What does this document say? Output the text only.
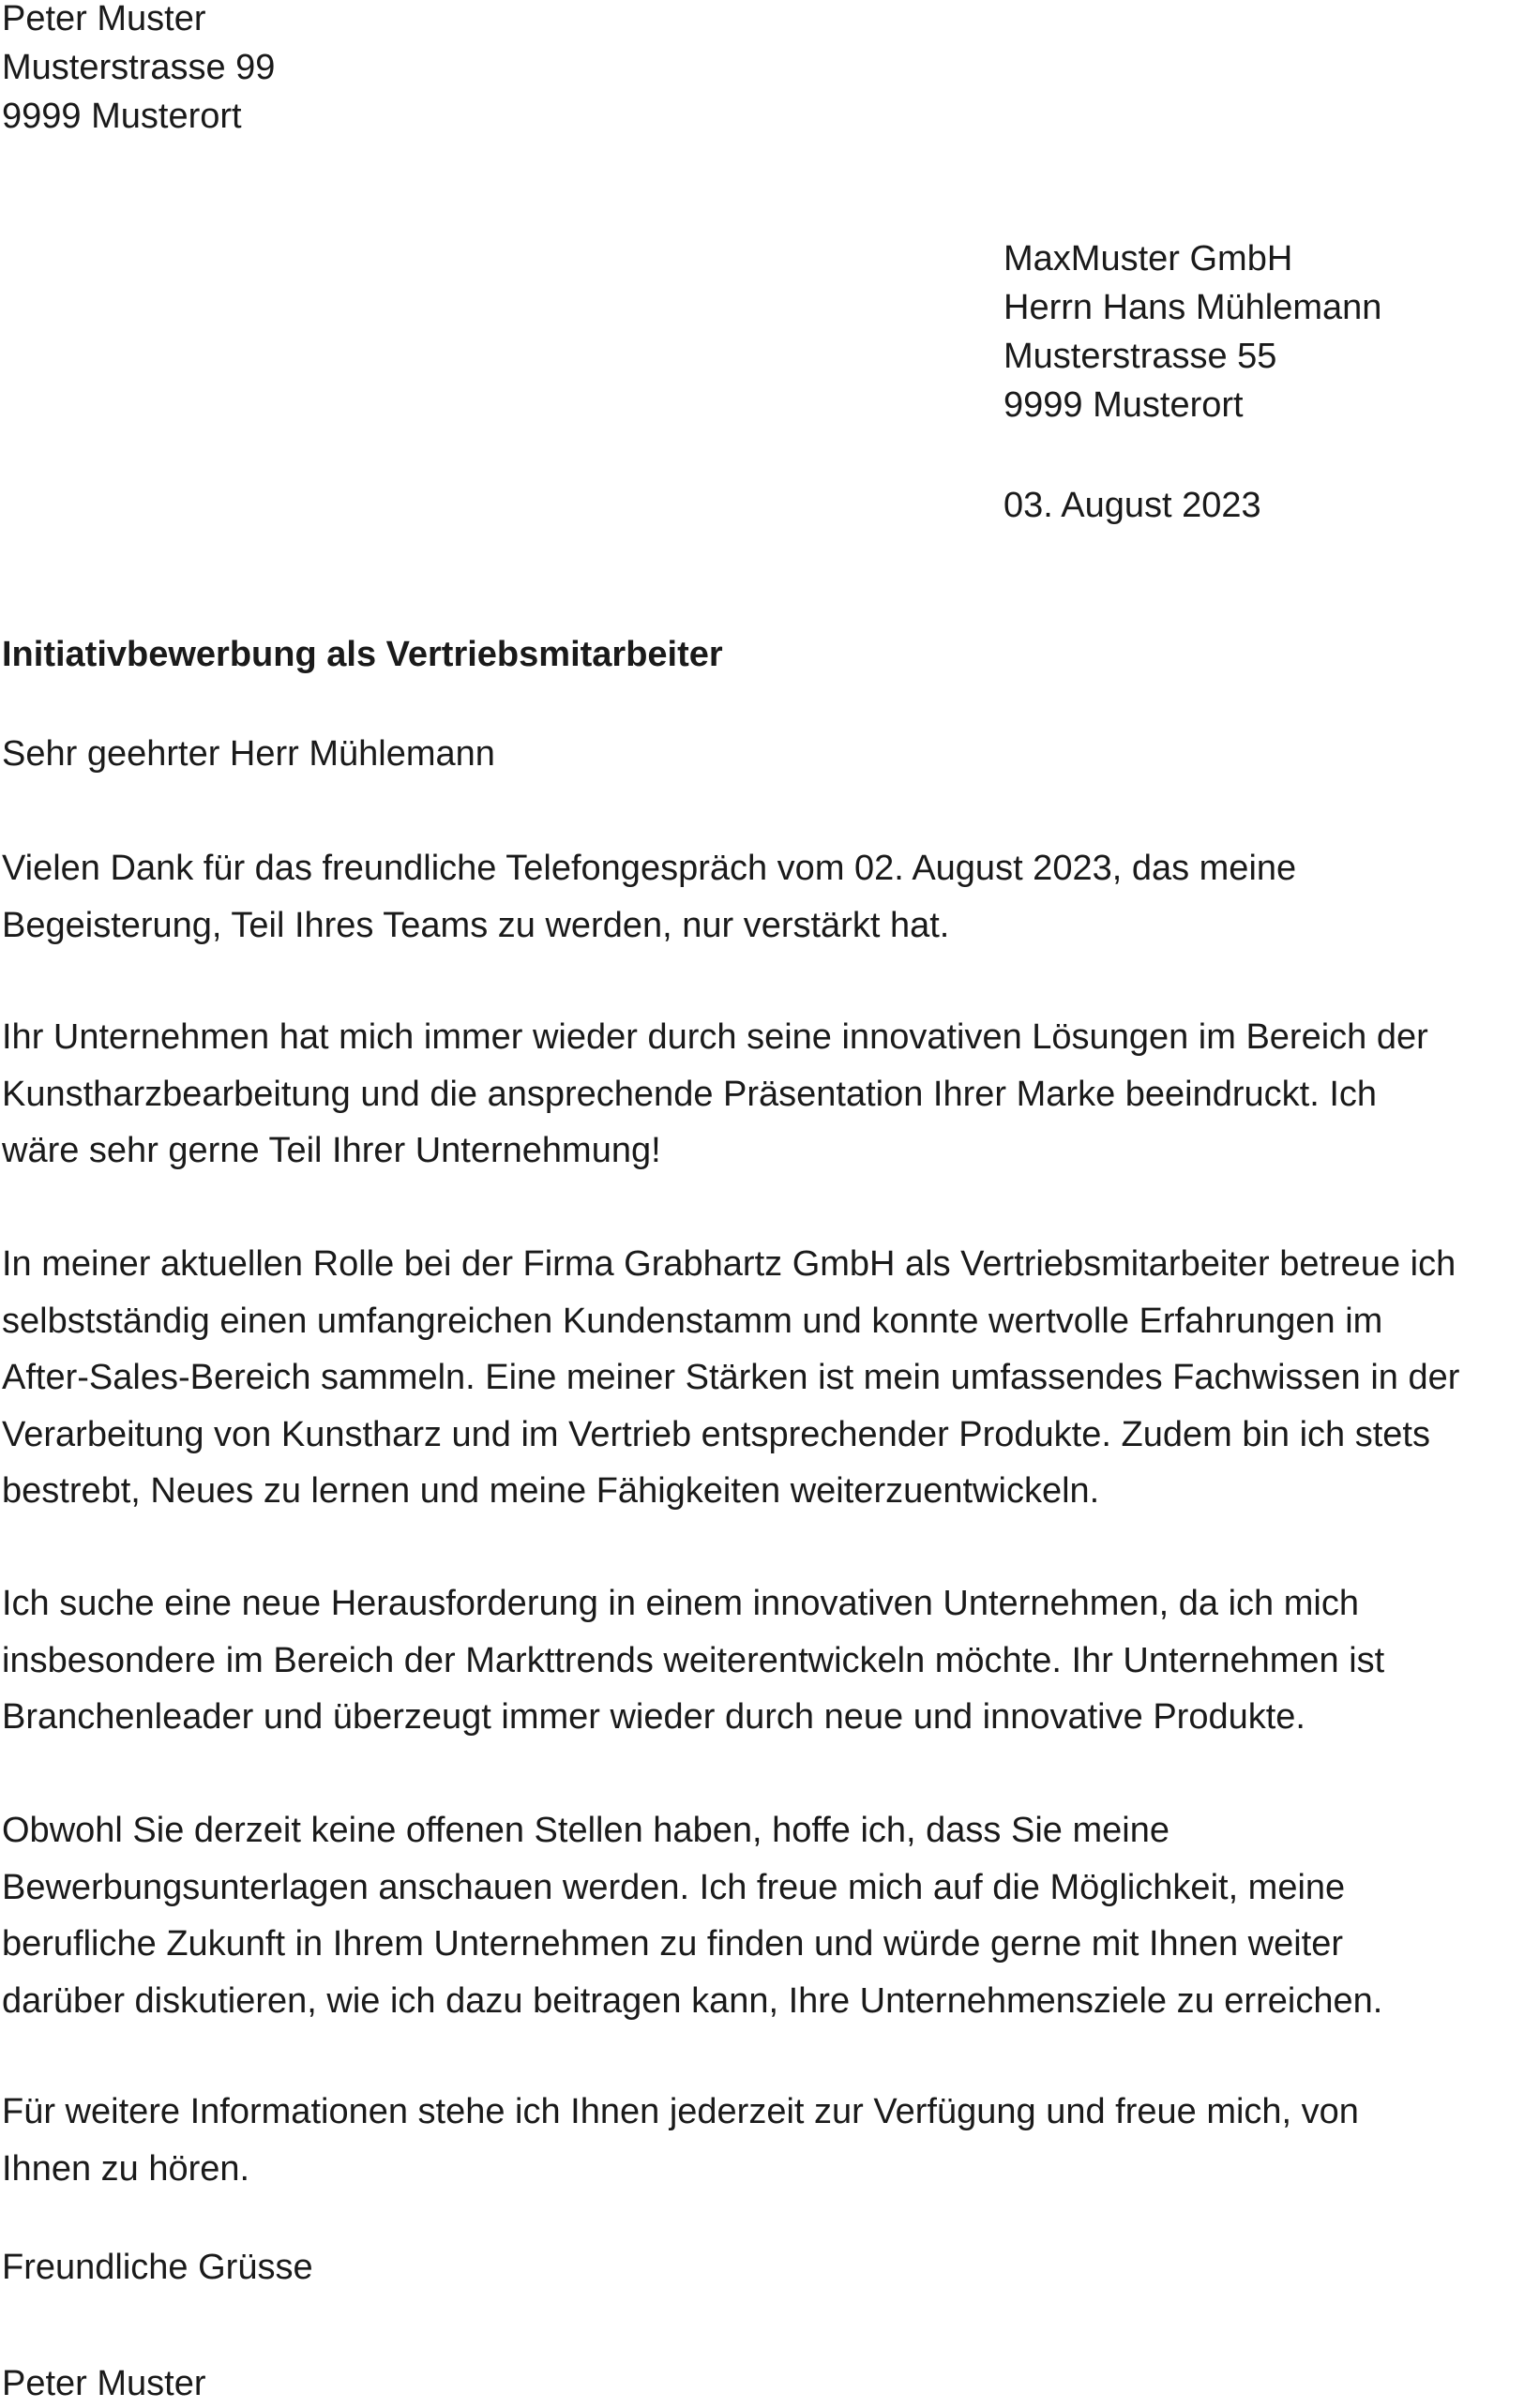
Peter Muster
Musterstrasse 99
9999 Musterort
MaxMuster GmbH
Herrn Hans Mühlemann
Musterstrasse 55
9999 Musterort
03. August 2023
Initiativbewerbung als Vertriebsmitarbeiter
Sehr geehrter Herr Mühlemann
Vielen Dank für das freundliche Telefongespräch vom 02. August 2023, das meine
Begeisterung, Teil Ihres Teams zu werden, nur verstärkt hat.
Ihr Unternehmen hat mich immer wieder durch seine innovativen Lösungen im Bereich der
Kunstharzbearbeitung und die ansprechende Präsentation Ihrer Marke beeindruckt. Ich
wäre sehr gerne Teil Ihrer Unternehmung!
In meiner aktuellen Rolle bei der Firma Grabhartz GmbH als Vertriebsmitarbeiter betreue ich
selbstständig einen umfangreichen Kundenstamm und konnte wertvolle Erfahrungen im
After-Sales-Bereich sammeln. Eine meiner Stärken ist mein umfassendes Fachwissen in der
Verarbeitung von Kunstharz und im Vertrieb entsprechender Produkte. Zudem bin ich stets
bestrebt, Neues zu lernen und meine Fähigkeiten weiterzuentwickeln.
Ich suche eine neue Herausforderung in einem innovativen Unternehmen, da ich mich
insbesondere im Bereich der Markttrends weiterentwickeln möchte. Ihr Unternehmen ist
Branchenleader und überzeugt immer wieder durch neue und innovative Produkte.
Obwohl Sie derzeit keine offenen Stellen haben, hoffe ich, dass Sie meine
Bewerbungsunterlagen anschauen werden. Ich freue mich auf die Möglichkeit, meine
berufliche Zukunft in Ihrem Unternehmen zu finden und würde gerne mit Ihnen weiter
darüber diskutieren, wie ich dazu beitragen kann, Ihre Unternehmensziele zu erreichen.
Für weitere Informationen stehe ich Ihnen jederzeit zur Verfügung und freue mich, von
Ihnen zu hören.
Freundliche Grüsse
Peter Muster
